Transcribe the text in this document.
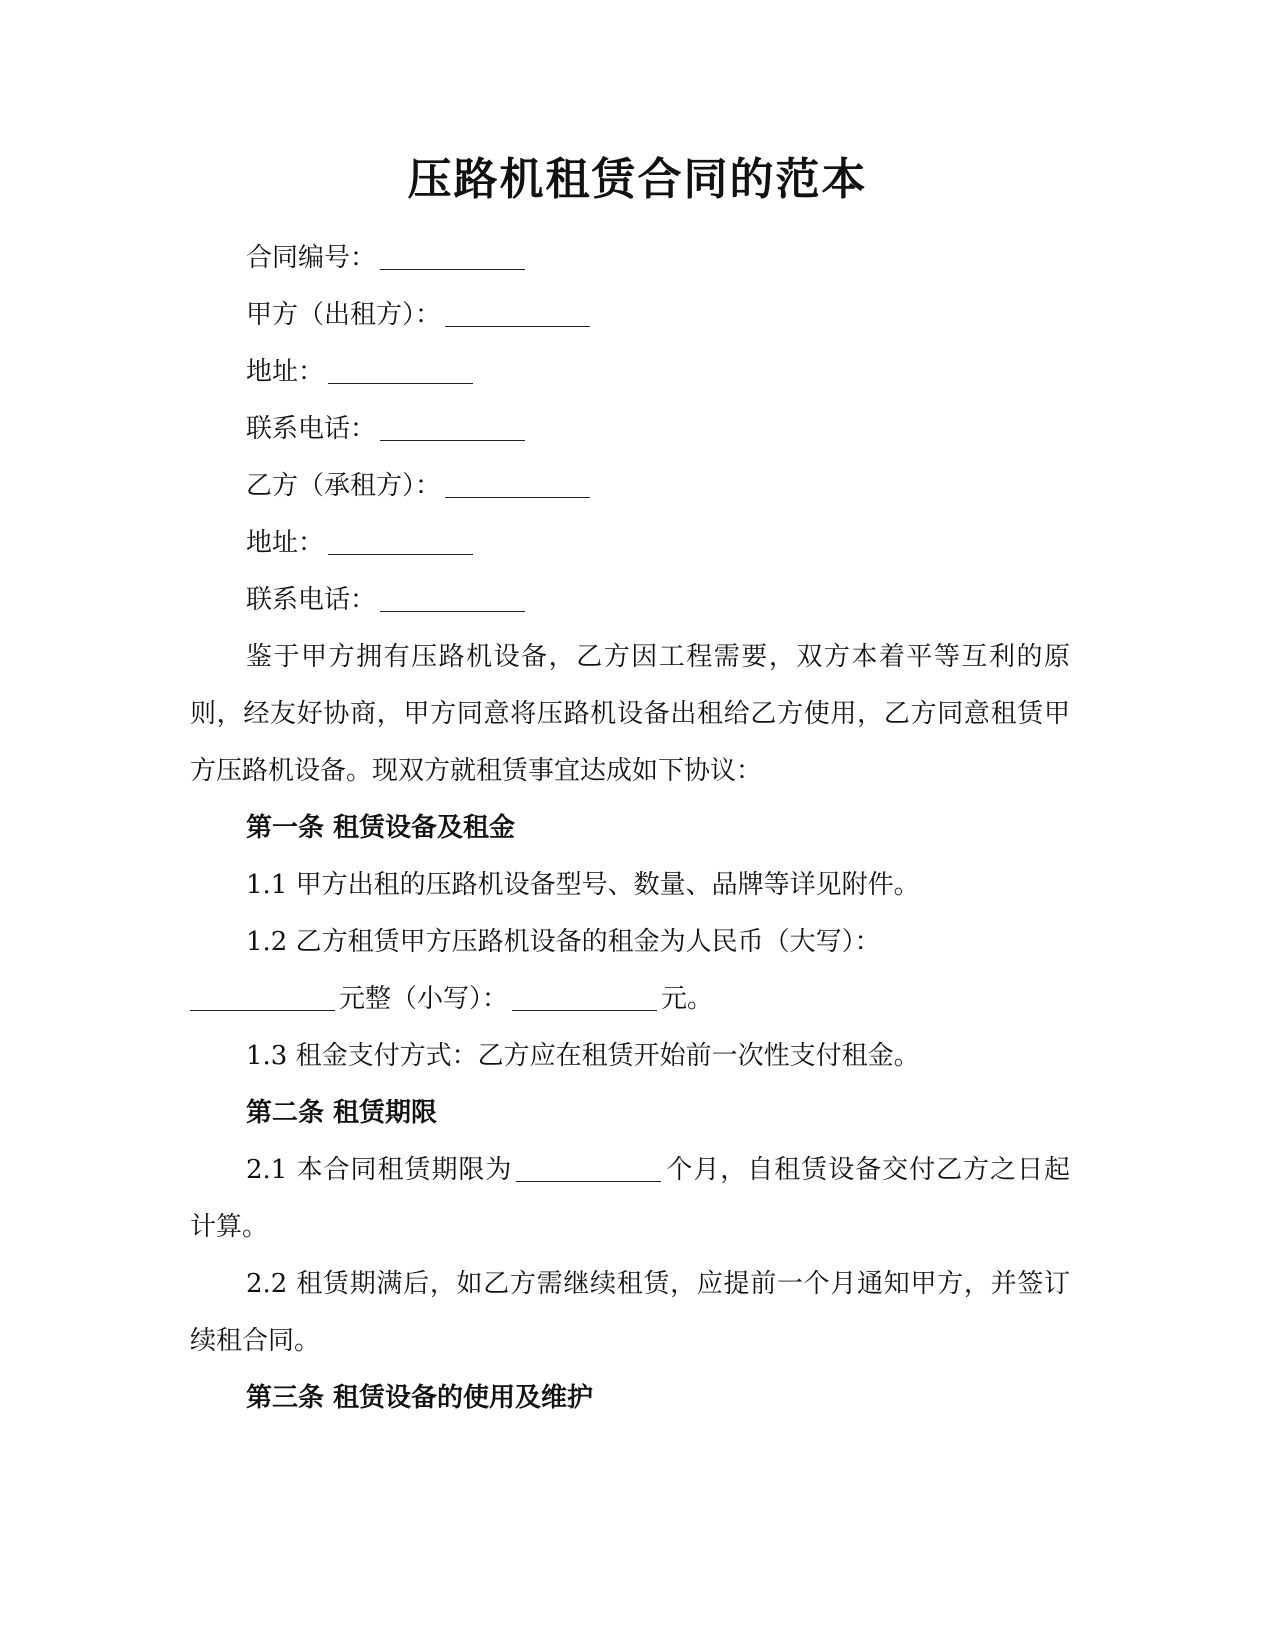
压路机租赁合同的范本
合同编号：
甲方（出租方）：
地址：
联系电话：
乙方（承租方）：
地址：
联系电话：
鉴于甲方拥有压路机设备，乙方因工程需要，双方本着平等互利的原则，经友好协商，甲方同意将压路机设备出租给乙方使用，乙方同意租赁甲方压路机设备。现双方就租赁事宜达成如下协议：
第一条 租赁设备及租金
1.1 甲方出租的压路机设备型号、数量、品牌等详见附件。
1.2 乙方租赁甲方压路机设备的租金为人民币（大写）：
元整（小写）：	元。
1.3 租金支付方式：乙方应在租赁开始前一次性支付租金。
第二条 租赁期限
2.1 本合同租赁期限为	个月，自租赁设备交付乙方之日起计算。
2.2 租赁期满后，如乙方需继续租赁，应提前一个月通知甲方，并签订续租合同。
第三条 租赁设备的使用及维护
